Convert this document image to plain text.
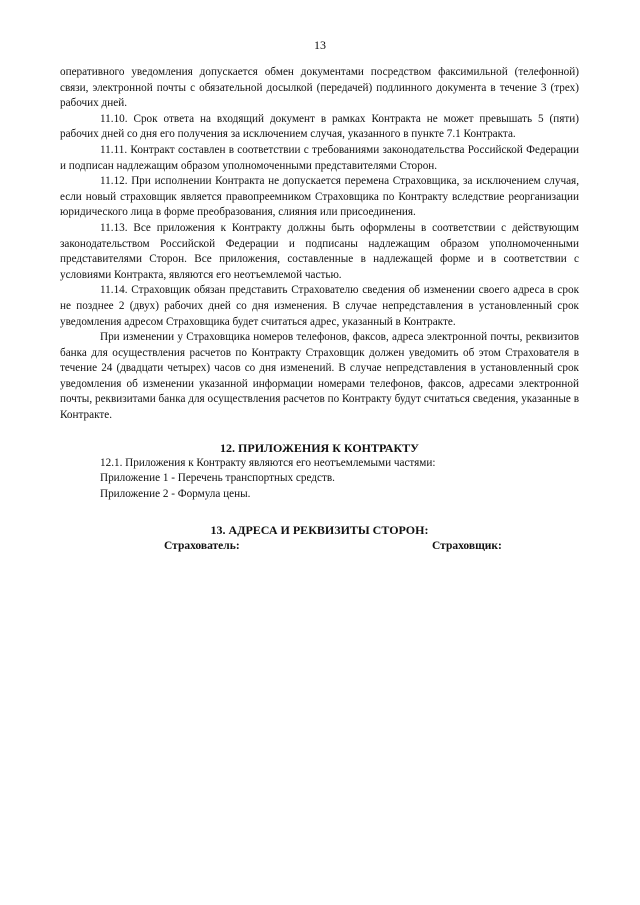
13

оперативного уведомления допускается обмен документами посредством факсимильной (телефонной) связи, электронной почты с обязательной досылкой (передачей) подлинного документа в течение 3 (трех) рабочих дней.

11.10. Срок ответа на входящий документ в рамках Контракта не может превышать 5 (пяти) рабочих дней со дня его получения за исключением случая, указанного в пункте 7.1 Контракта.

11.11. Контракт составлен в соответствии с требованиями законодательства Российской Федерации и подписан надлежащим образом уполномоченными представителями Сторон.

11.12. При исполнении Контракта не допускается перемена Страховщика, за исключением случая, если новый страховщик является правопреемником Страховщика по Контракту вследствие реорганизации юридического лица в форме преобразования, слияния или присоединения.

11.13. Все приложения к Контракту должны быть оформлены в соответствии с действующим законодательством Российской Федерации и подписаны надлежащим образом уполномоченными представителями Сторон. Все приложения, составленные в надлежащей форме и в соответствии с условиями Контракта, являются его неотъемлемой частью.

11.14. Страховщик обязан представить Страхователю сведения об изменении своего адреса в срок не позднее 2 (двух) рабочих дней со дня изменения. В случае непредставления в установленный срок уведомления адресом Страховщика будет считаться адрес, указанный в Контракте.

При изменении у Страховщика номеров телефонов, факсов, адреса электронной почты, реквизитов банка для осуществления расчетов по Контракту Страховщик должен уведомить об этом Страхователя в течение 24 (двадцати четырех) часов со дня изменений. В случае непредставления в установленный срок уведомления об изменении указанной информации номерами телефонов, факсов, адресами электронной почты, реквизитами банка для осуществления расчетов по Контракту будут считаться сведения, указанные в Контракте.

12. ПРИЛОЖЕНИЯ К КОНТРАКТУ

12.1. Приложения к Контракту являются его неотъемлемыми частями:

Приложение 1 - Перечень транспортных средств.

Приложение 2 - Формула цены.

13. АДРЕСА И РЕКВИЗИТЫ СТОРОН:
Страхователь:	Страховщик:
